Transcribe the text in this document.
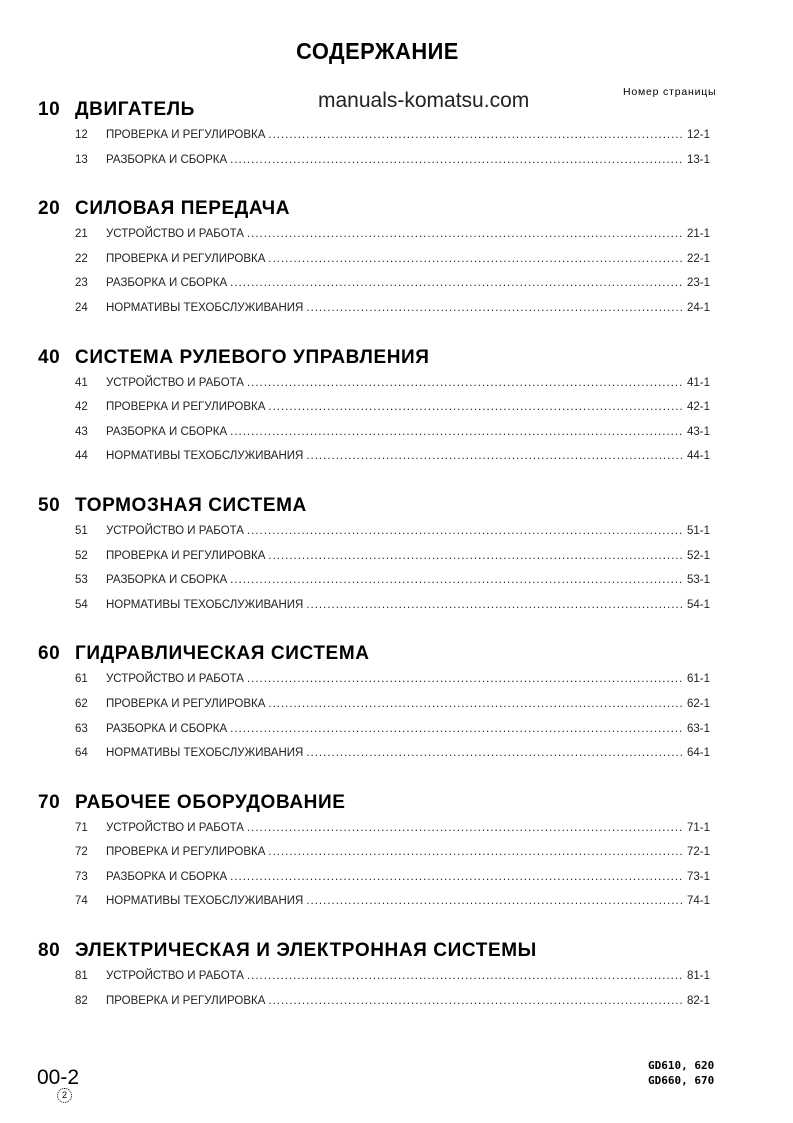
СОДЕРЖАНИЕ
manuals-komatsu.com	Номер страницы
10 ДВИГАТЕЛЬ
12	ПРОВЕРКА И РЕГУЛИРОВКА .....	12-1
13	РАЗБОРКА И СБОРКА .....	13-1
20 СИЛОВАЯ ПЕРЕДАЧА
21	УСТРОЙСТВО И РАБОТА .....	21-1
22	ПРОВЕРКА И РЕГУЛИРОВКА .....	22-1
23	РАЗБОРКА И СБОРКА .....	23-1
24	НОРМАТИВЫ ТЕХОБСЛУЖИВАНИЯ .....	24-1
40 СИСТЕМА РУЛЕВОГО УПРАВЛЕНИЯ
41	УСТРОЙСТВО И РАБОТА .....	41-1
42	ПРОВЕРКА И РЕГУЛИРОВКА .....	42-1
43	РАЗБОРКА И СБОРКА .....	43-1
44	НОРМАТИВЫ ТЕХОБСЛУЖИВАНИЯ .....	44-1
50 ТОРМОЗНАЯ СИСТЕМА
51	УСТРОЙСТВО И РАБОТА .....	51-1
52	ПРОВЕРКА И РЕГУЛИРОВКА .....	52-1
53	РАЗБОРКА И СБОРКА .....	53-1
54	НОРМАТИВЫ ТЕХОБСЛУЖИВАНИЯ .....	54-1
60 ГИДРАВЛИЧЕСКАЯ СИСТЕМА
61	УСТРОЙСТВО И РАБОТА .....	61-1
62	ПРОВЕРКА И РЕГУЛИРОВКА .....	62-1
63	РАЗБОРКА И СБОРКА .....	63-1
64	НОРМАТИВЫ ТЕХОБСЛУЖИВАНИЯ .....	64-1
70 РАБОЧЕЕ ОБОРУДОВАНИЕ
71	УСТРОЙСТВО И РАБОТА .....	71-1
72	ПРОВЕРКА И РЕГУЛИРОВКА .....	72-1
73	РАЗБОРКА И СБОРКА .....	73-1
74	НОРМАТИВЫ ТЕХОБСЛУЖИВАНИЯ .....	74-1
80 ЭЛЕКТРИЧЕСКАЯ И ЭЛЕКТРОННАЯ СИСТЕМЫ
81	УСТРОЙСТВО И РАБОТА .....	81-1
82	ПРОВЕРКА И РЕГУЛИРОВКА .....	82-1
00-2
2
GD610, 620
GD660, 670
